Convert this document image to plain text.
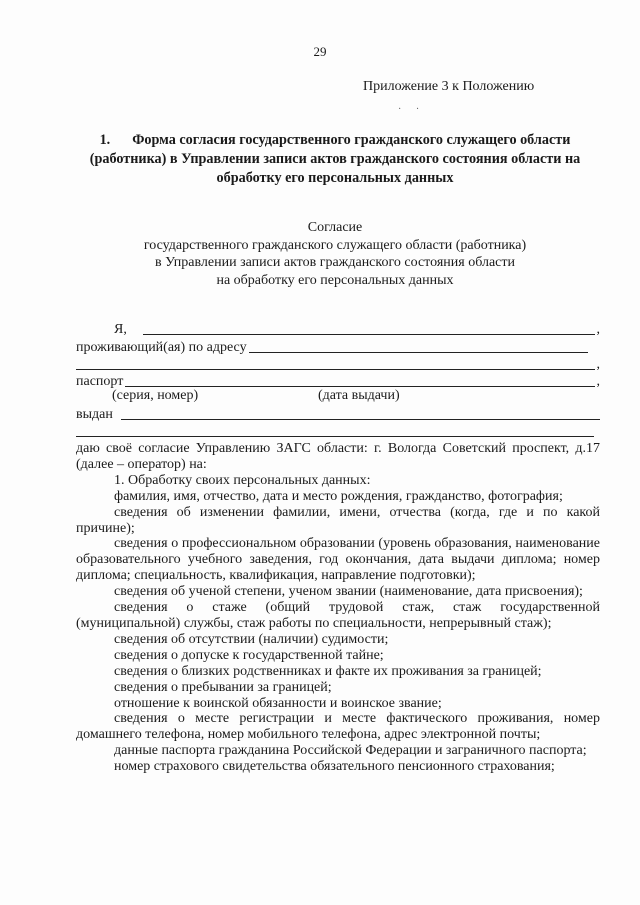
29
Приложение 3 к Положению
· ·
1. Форма согласия государственного гражданского служащего области (работника) в Управлении записи актов гражданского состояния области на обработку его персональных данных
Согласие
государственного гражданского служащего области (работника)
в Управлении записи актов гражданского состояния области
на обработку его персональных данных
Я,	,
проживающий(ая) по адресу
,
паспорт	,
(серия, номер)	(дата выдачи)
выдан

даю своё согласие Управлению ЗАГС области: г. Вологда Советский проспект, д.17 (далее – оператор) на:

1. Обработку своих персональных данных:

фамилия, имя, отчество, дата и место рождения, гражданство, фотография;

сведения об изменении фамилии, имени, отчества (когда, где и по какой причине);

сведения о профессиональном образовании (уровень образования, наименование образовательного учебного заведения, год окончания, дата выдачи диплома; номер диплома; специальность, квалификация, направление подготовки);

сведения об ученой степени, ученом звании (наименование, дата присвоения);

сведения о стаже (общий трудовой стаж, стаж государственной (муниципальной) службы, стаж работы по специальности, непрерывный стаж);

сведения об отсутствии (наличии) судимости;

сведения о допуске к государственной тайне;

сведения о близких родственниках и факте их проживания за границей;

сведения о пребывании за границей;

отношение к воинской обязанности и воинское звание;

сведения о месте регистрации и месте фактического проживания, номер домашнего телефона, номер мобильного телефона, адрес электронной почты;

данные паспорта гражданина Российской Федерации и заграничного паспорта;

номер страхового свидетельства обязательного пенсионного страхования;
